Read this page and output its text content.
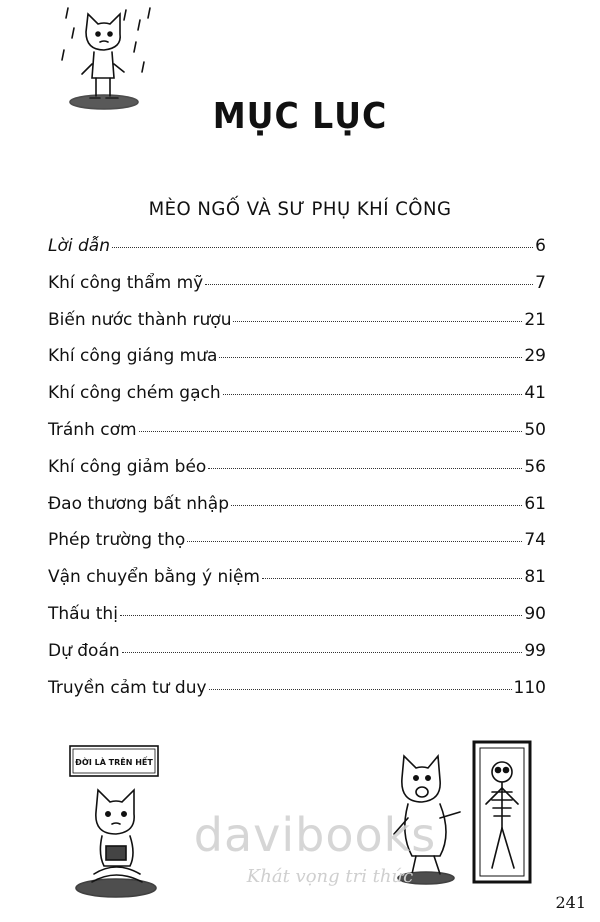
MỤC LỤC
MÈO NGỐ VÀ SƯ PHỤ KHÍ CÔNG
Lời dẫn	6
Khí công thẩm mỹ	7
Biến nước thành rượu	21
Khí công giáng mưa	29
Khí công chém gạch	41
Tránh cơm	50
Khí công giảm béo	56
Đao thương bất nhập	61
Phép trường thọ	74
Vận chuyển bằng ý niệm	81
Thấu thị	90
Dự đoán	99
Truyền cảm tư duy	110
ĐỜI LÀ TRÊN HẾT
davibooks
Khát vọng tri thức
241
